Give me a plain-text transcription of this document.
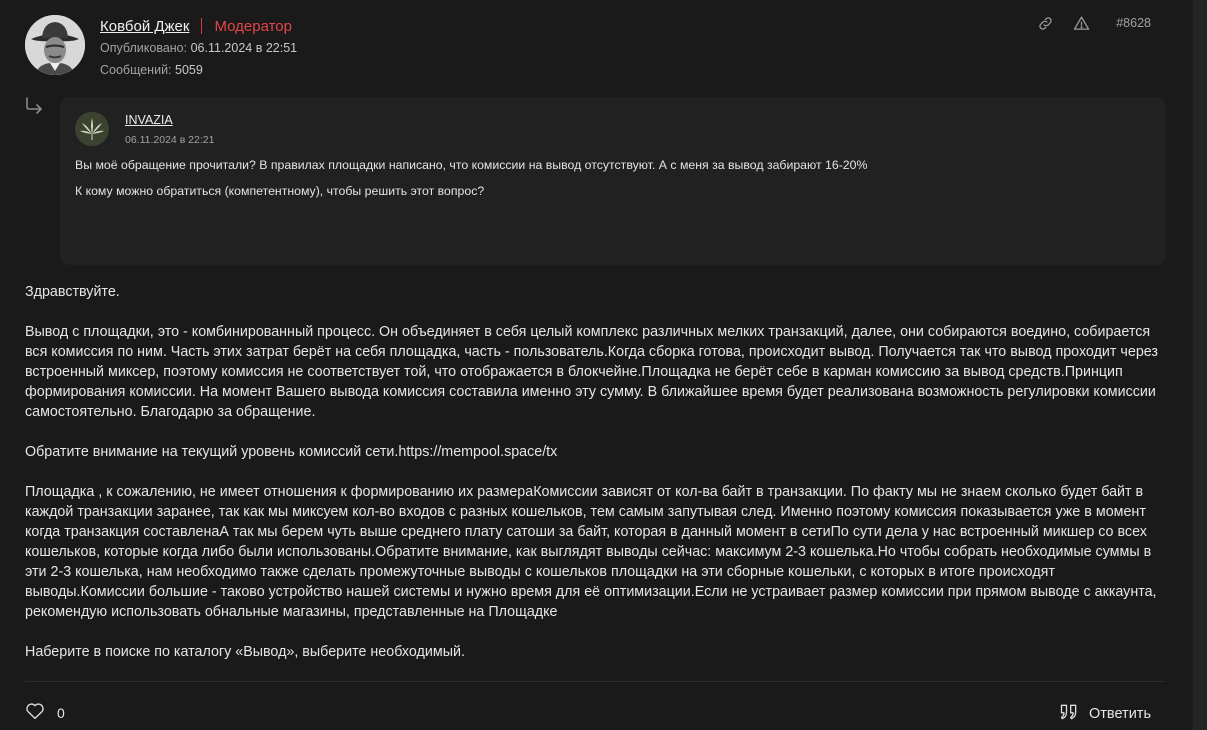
Ковбой Джек Модератор
Опубликовано: 06.11.2024 в 22:51
Сообщений: 5059
#8628
INVAZIA
06.11.2024 в 22:21
Вы моё обращение прочитали? В правилах площадки написано, что комиссии на вывод отсутствуют. А с меня за вывод забирают 16-20%
К кому можно обратиться (компетентному), чтобы решить этот вопрос?

Здравствуйте.

Вывод с площадки, это - комбинированный процесс. Он объединяет в себя целый комплекс различных мелких транзакций, далее, они собираются воедино, собирается вся комиссия по ним. Часть этих затрат берёт на себя площадка, часть - пользователь.Когда сборка готова, происходит вывод. Получается так что вывод проходит через встроенный миксер, поэтому комиссия не соответствует той, что отображается в блокчейне.Площадка не берёт себе в карман комиссию за вывод средств.Принцип формирования комиссии. На момент Вашего вывода комиссия составила именно эту сумму. В ближайшее время будет реализована возможность регулировки комиссии самостоятельно. Благодарю за обращение.

Обратите внимание на текущий уровень комиссий сети.https://mempool.space/tx

Площадка , к сожалению, не имеет отношения к формированию их размераКомиссии зависят от кол-ва байт в транзакции. По факту мы не знаем сколько будет байт в каждой транзакции заранее, так как мы миксуем кол-во входов с разных кошельков, тем самым запутывая след. Именно поэтому комиссия показывается уже в момент когда транзакция составленаА так мы берем чуть выше среднего плату сатоши за байт, которая в данный момент в сетиПо сути дела у нас встроенный микшер со всех кошельков, которые когда либо были использованы.Обратите внимание, как выглядят выводы сейчас: максимум 2-3 кошелька.Но чтобы собрать необходимые суммы в эти 2-3 кошелька, нам необходимо также сделать промежуточные выводы с кошельков площадки на эти сборные кошельки, с которых в итоге происходят выводы.Комиссии большие - таково устройство нашей системы и нужно время для её оптимизации.Если не устраивает размер комиссии при прямом выводе с аккаунта, рекомендую использовать обнальные магазины, представленные на Площадке

Наберите в поиске по каталогу «Вывод», выберите необходимый.

0	Ответить
